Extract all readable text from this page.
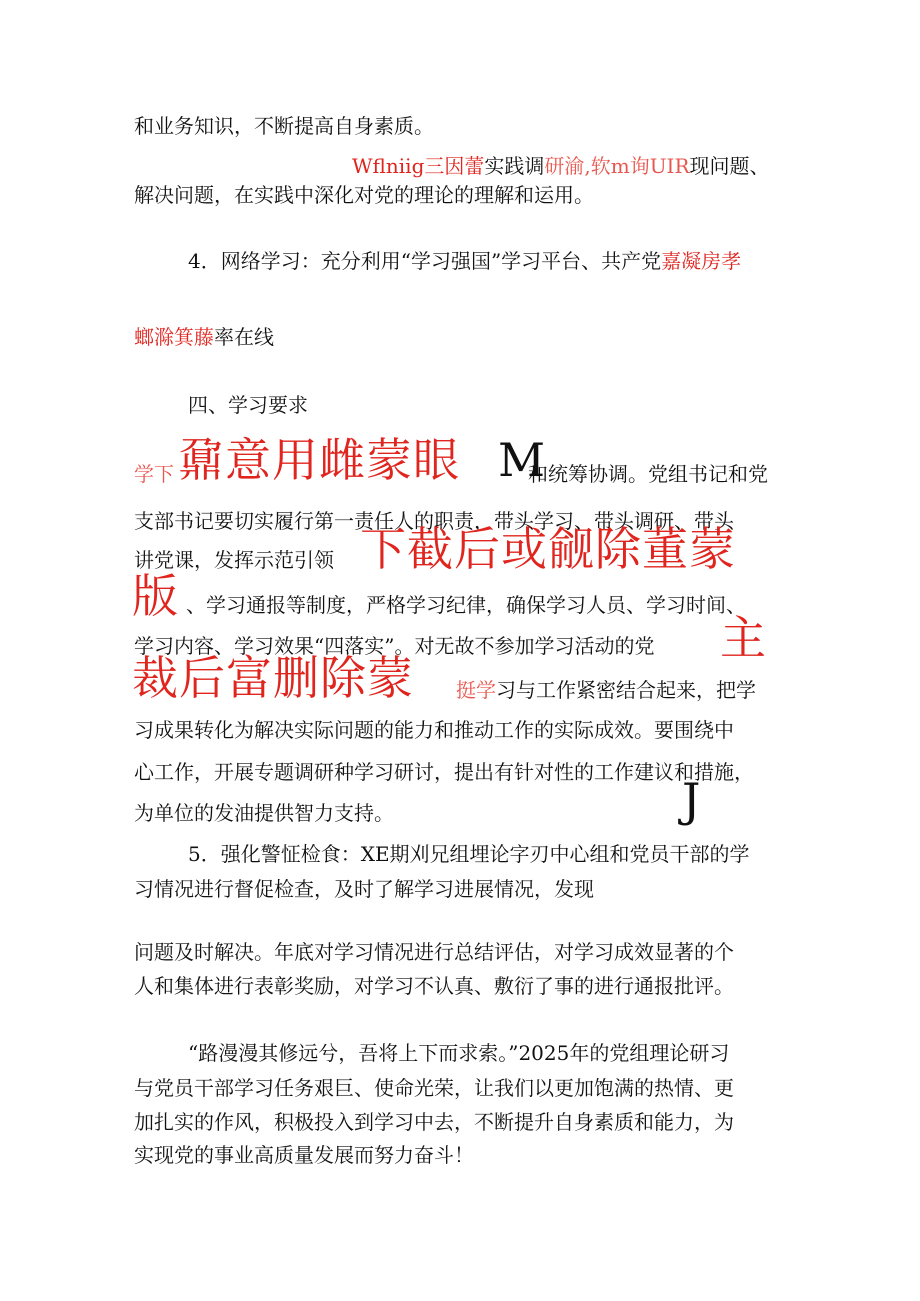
和业务知识，不断提高自身素质。
Wflniig三因蕾实践调研渝,软m询UIR现问题、
解决问题，在实践中深化对党的理论的理解和运用。
4．网络学习：充分利用“学习强国”学习平台、共产党嘉凝房孝
螂滁箕藤率在线
四、学习要求
学下 鼐意用雌蒙眼 M
和统筹协调。党组书记和党
支部书记要切实履行第一责任人的职责，带头学习、带头调研、带头
讲党课，发挥示范引领 下截后或觎除董蒙
版 、学习通报等制度，严格学习纪律，确保学习人员、学习时间、
学习内容、学习效果“四落实”。对无故不参加学习活动的党 主
裁后富删除蒙 挺学习与工作紧密结合起来，把学
习成果转化为解决实际问题的能力和推动工作的实际成效。要围绕中
心工作，开展专题调研种学习研讨，提出有针对性的工作建议和措施，
为单位的发油提供智力支持。	J
5．强化警怔检食：XE期刈兄组埋论字刃中心组和党员干部的学
习情况进行督促检查，及时了解学习进展情况，发现
问题及时解决。年底对学习情况进行总结评估，对学习成效显著的个
人和集体进行表彰奖励，对学习不认真、敷衍了事的进行通报批评。
“路漫漫其修远兮，吾将上下而求索。”2025年的党组理论研习
与党员干部学习任务艰巨、使命光荣，让我们以更加饱满的热情、更
加扎实的作风，积极投入到学习中去，不断提升自身素质和能力，为
实现党的事业高质量发展而努力奋斗！
